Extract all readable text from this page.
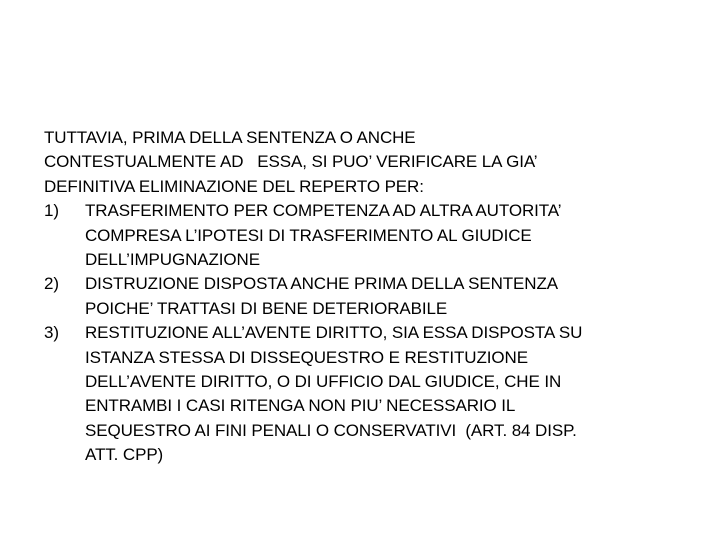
TUTTAVIA, PRIMA DELLA SENTENZA O ANCHE
CONTESTUALMENTE AD   ESSA, SI PUO’ VERIFICARE LA GIA’
DEFINITIVA ELIMINAZIONE DEL REPERTO PER:

1)	TRASFERIMENTO PER COMPETENZA AD ALTRA AUTORITA’
COMPRESA L’IPOTESI DI TRASFERIMENTO AL GIUDICE
DELL’IMPUGNAZIONE
2)	DISTRUZIONE DISPOSTA ANCHE PRIMA DELLA SENTENZA
POICHE’ TRATTASI DI BENE DETERIORABILE
3)	RESTITUZIONE ALL’AVENTE DIRITTO, SIA ESSA DISPOSTA SU
ISTANZA STESSA DI DISSEQUESTRO E RESTITUZIONE
DELL’AVENTE DIRITTO, O DI UFFICIO DAL GIUDICE, CHE IN
ENTRAMBI I CASI RITENGA NON PIU’ NECESSARIO IL
SEQUESTRO AI FINI PENALI O CONSERVATIVI  (ART. 84 DISP.
ATT. CPP)
